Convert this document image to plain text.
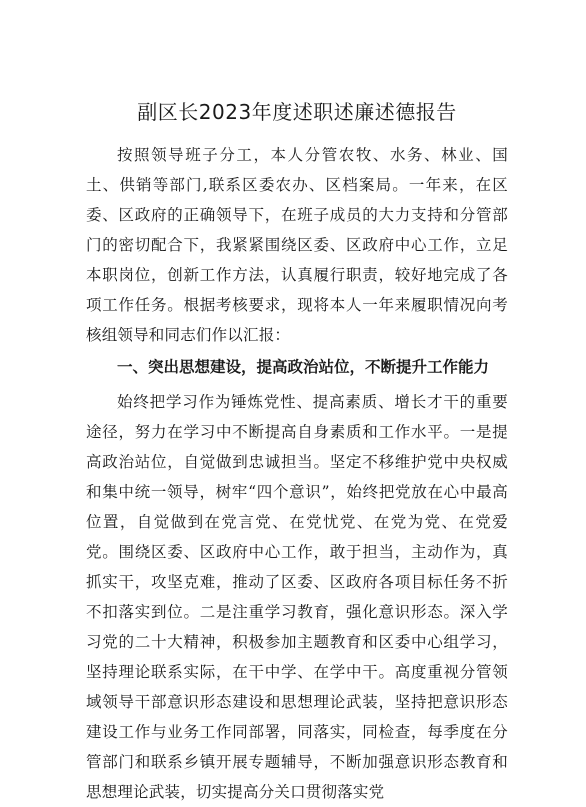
副区长2023年度述职述廉述德报告

按照领导班子分工，本人分管农牧、水务、林业、国土、供销等部门,联系区委农办、区档案局。一年来，在区委、区政府的正确领导下，在班子成员的大力支持和分管部门的密切配合下，我紧紧围绕区委、区政府中心工作，立足本职岗位，创新工作方法，认真履行职责，较好地完成了各项工作任务。根据考核要求，现将本人一年来履职情况向考核组领导和同志们作以汇报：

一、突出思想建设，提高政治站位，不断提升工作能力

始终把学习作为锤炼党性、提高素质、增长才干的重要途径，努力在学习中不断提高自身素质和工作水平。一是提高政治站位，自觉做到忠诚担当。坚定不移维护党中央权威和集中统一领导，树牢“四个意识”，始终把党放在心中最高位置，自觉做到在党言党、在党忧党、在党为党、在党爱党。围绕区委、区政府中心工作，敢于担当，主动作为，真抓实干，攻坚克难，推动了区委、区政府各项目标任务不折不扣落实到位。二是注重学习教育，强化意识形态。深入学习党的二十大精神，积极参加主题教育和区委中心组学习，坚持理论联系实际，在干中学、在学中干。高度重视分管领域领导干部意识形态建设和思想理论武装，坚持把意识形态建设工作与业务工作同部署，同落实，同检查，每季度在分管部门和联系乡镇开展专题辅导，不断加强意识形态教育和思想理论武装，切实提高分关口贯彻落实党
